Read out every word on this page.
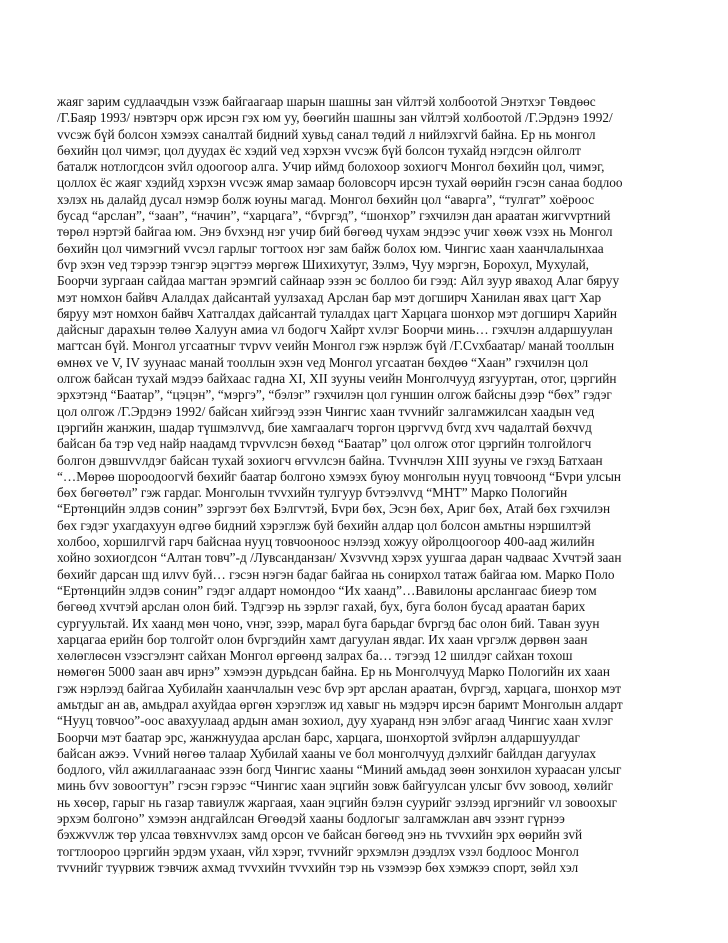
жаяг зарим судлаачдын vзэж байгаагаар шарын шашны зан vйлтэй холбоотой Энэтхэг Төвдөөс
/Г.Баяр 1993/ нэвтэрч орж ирсэн гэх юм уу, бөөгийн шашны зан vйлтэй холбоотой /Г.Эрдэнэ 1992/
vvсэж бүй болсон хэмээх саналтай бидний хувьд санал төдий л нийлэхгvй байна. Ер нь монгол
бөхийн цол чимэг, цол дуудах ёс хэдий vед хэрхэн vvсэж бүй болсон тухайд нэгдсэн ойлголт
баталж нотлогдсон зvйл одоогоор алга. Учир иймд болохоор зохиогч Монгол бөхийн цол, чимэг,
цоллох ёс жаяг хэдийд хэрхэн vvсэж ямар замаар боловсорч ирсэн тухай өөрийн гэсэн санаа бодлоо
хэлэх нь далайд дусал нэмэр болж юуны магад. Монгол бөхийн цол “аварга”, “тулгат” хоёроос
бусад “арслан”, “заан”, “начин”, “харцага”, “бvргэд”, “шонхор” гэхчилэн дан араатан жигvvртний
төрөл нэртэй байгаа юм. Энэ бvхэнд нэг учир бий бөгөөд чухам эндээс учиг хөөж vзэх нь Монгол
бөхийн цол чимэгний vvсэл гарлыг тогтоох нэг зам байж болох юм. Чингис хаан хаанчлалынхаа
бvр эхэн vед тэрээр тэнгэр эцэгтээ мөргөж Шихихутуг, Зэлмэ, Чуу мэргэн, Борохул, Мухулай,
Боорчи зургаан сайдаа магтан эрэмгий сайнаар эзэн эс боллоо би гээд: Айл зуур яваход Алаг бяруу
мэт номхон байвч Алалдах дайсантай уулзахад Арслан бар мэт догширч Ханилан явах цагт Хар
бяруу мэт номхон байвч Хатгалдах дайсантай тулалдах цагт Харцага шонхор мэт догширч Харийн
дайсныг дарахын төлөө Халуун амиа vл бодогч Хайрт хvлэг Боорчи минь… гэхчлэн алдаршуулан
магтсан бүй. Монгол угсаатныг тvрvv veийн Монгол гэж нэрлэж бүй /Г.Сvхбаатар/ манай тооллын
өмнөх ve V, IV зуунаас манай тооллын эхэн vед Монгол угсаатан бөхдөө “Хаан” гэхчилэн цол
олгож байсан тухай мэдээ байхаас гадна XI, XII зууны veийн Монголчууд язгууртан, отог, цэргийн
эрхэтэнд “Баатар”, “цэцэн”, “мэргэ”, “бэлэг” гэхчилэн цол гуншин олгож байсны дээр “бөх” гэдэг
цол олгож /Г.Эрдэнэ 1992/ байсан хийгээд эзэн Чингис хаан тvvнийг залгамжилсан хаадын vед
цэргийн жанжин, шадар түшмэлvvд, бие хамгаалагч торгон цэргvvд бvгд хvч чадалтай бөхчvд
байсан ба тэр vед найр наадамд тvрvvлсэн бөхөд “Баатар” цол олгож отог цэргийн толгойлогч
болгон дэвшvvлдэг байсан тухай зохиогч өгvvлсэн байна. Тvvнчлэн XIII зууны ve гэхэд Батхаан
“…Мөрөө шороодоогvй бөхийг баатар болгоно хэмээх буюу монголын нууц товчоонд “Бvри улсын
бөх бөгөөтөл” гэж гардаг. Монголын тvvхийн тулгуур бvтээлvvд “МНТ” Марко Пологийн
“Ертөнцийн элдэв сонин” зэргээт бөх Бэлгvтэй, Бvри бөх, Эсэн бөх, Ариг бөх, Атай бөх гэхчилэн
бөх гэдэг ухагдахуун өдгөө бидний хэрэглэж буй бөхийн алдар цол болсон амьтны нэршилтэй
холбоо, хоршилгvй гарч байснаа нууц товчооноос нэлээд хожуу ойролцоогоор 400-аад жилийн
хойно зохиогдсон “Алтан товч”-д /Лувсанданзан/ Хvзvvнд хэрэх уушгаа даран чадваас Хvчтэй заан
бөхийг дарсан шд илvv буй… гэсэн нэгэн бадаг байгаа нь сонирхол татаж байгаа юм. Марко Поло
“Ертөнцийн элдэв сонин” гэдэг алдарт номондоо “Их хаанд”…Вавилоны арслангаас биеэр том
бөгөөд хvчтэй арслан олон бий. Тэдгээр нь зэрлэг гахай, бух, буга болон бусад араатан барих
сургуультай. Их хаанд мөн чоно, vнэг, зээр, марал буга барьдаг бvргэд бас олон бий. Таван зуун
харцагаа ерийн бор толгойт олон бvргэдийн хамт дагуулан явдаг. Их хаан vргэлж дөрвөн заан
хөлөглөсөн vзэсгэлэнт сайхан Монгол өргөөнд залрах ба… тэгээд 12 шилдэг сайхан тохош
нөмөгөн 5000 заан авч ирнэ” хэмээн дурьдсан байна. Ер нь Монголчууд Марко Пологийн их хаан
гэж нэрлээд байгаа Хубилайн хаанчлалын vеэс бvр эрт арслан араатан, бvргэд, харцага, шонхор мэт
амьтдыг ан ав, амьдрал ахуйдаа өргөн хэрэглэж ид хавыг нь мэдэрч ирсэн баримт Монголын алдарт
“Нууц товчоо”-оос авахуулаад ардын аман зохиол, дуу хуаранд нэн элбэг агаад Чингис хаан хvлэг
Боорчи мэт баатар эрс, жанжнуудаа арслан барс, харцага, шонхортой зvйрлэн алдаршуулдаг
байсан ажээ. Vvний нөгөө талаар Хубилай хааны ve бол монголчууд дэлхийг байлдан дагуулах
бодлого, vйл ажиллагаанаас эзэн богд Чингис хааны “Миний амьдад зөөн зонхилон хураасан улсыг
минь бvv зовоогтун” гэсэн гэрээс “Чингис хаан эцгийн зовж байгуулсан улсыг бvv зовоод, хөлийг
нь хөсөр, гарыг нь газар тавиулж жаргаая, хаан эцгийн бэлэн суурийг эзлээд иргэнийг vл зовоохыг
эрхэм болгоно” хэмээн андгайлсан Өгөөдэй хааны бодлогыг залгамжлан авч эзэнт гүрнээ
бэхжvvлж төр улсаа төвхнvvлэх замд орсон ve байсан бөгөөд энэ нь тvvхийн эрх өөрийн зvй
тогтлоороо цэргийн эрдэм ухаан, vйл хэрэг, тvvнийг эрхэмлэн дээдлэх vзэл бодлоос Монгол
тvvнийг туурвиж тэвчиж ахмад тvvхийн тvvхийн тэр нь vзэмээр бөх хэмжээ спорт, зөйл хэл
